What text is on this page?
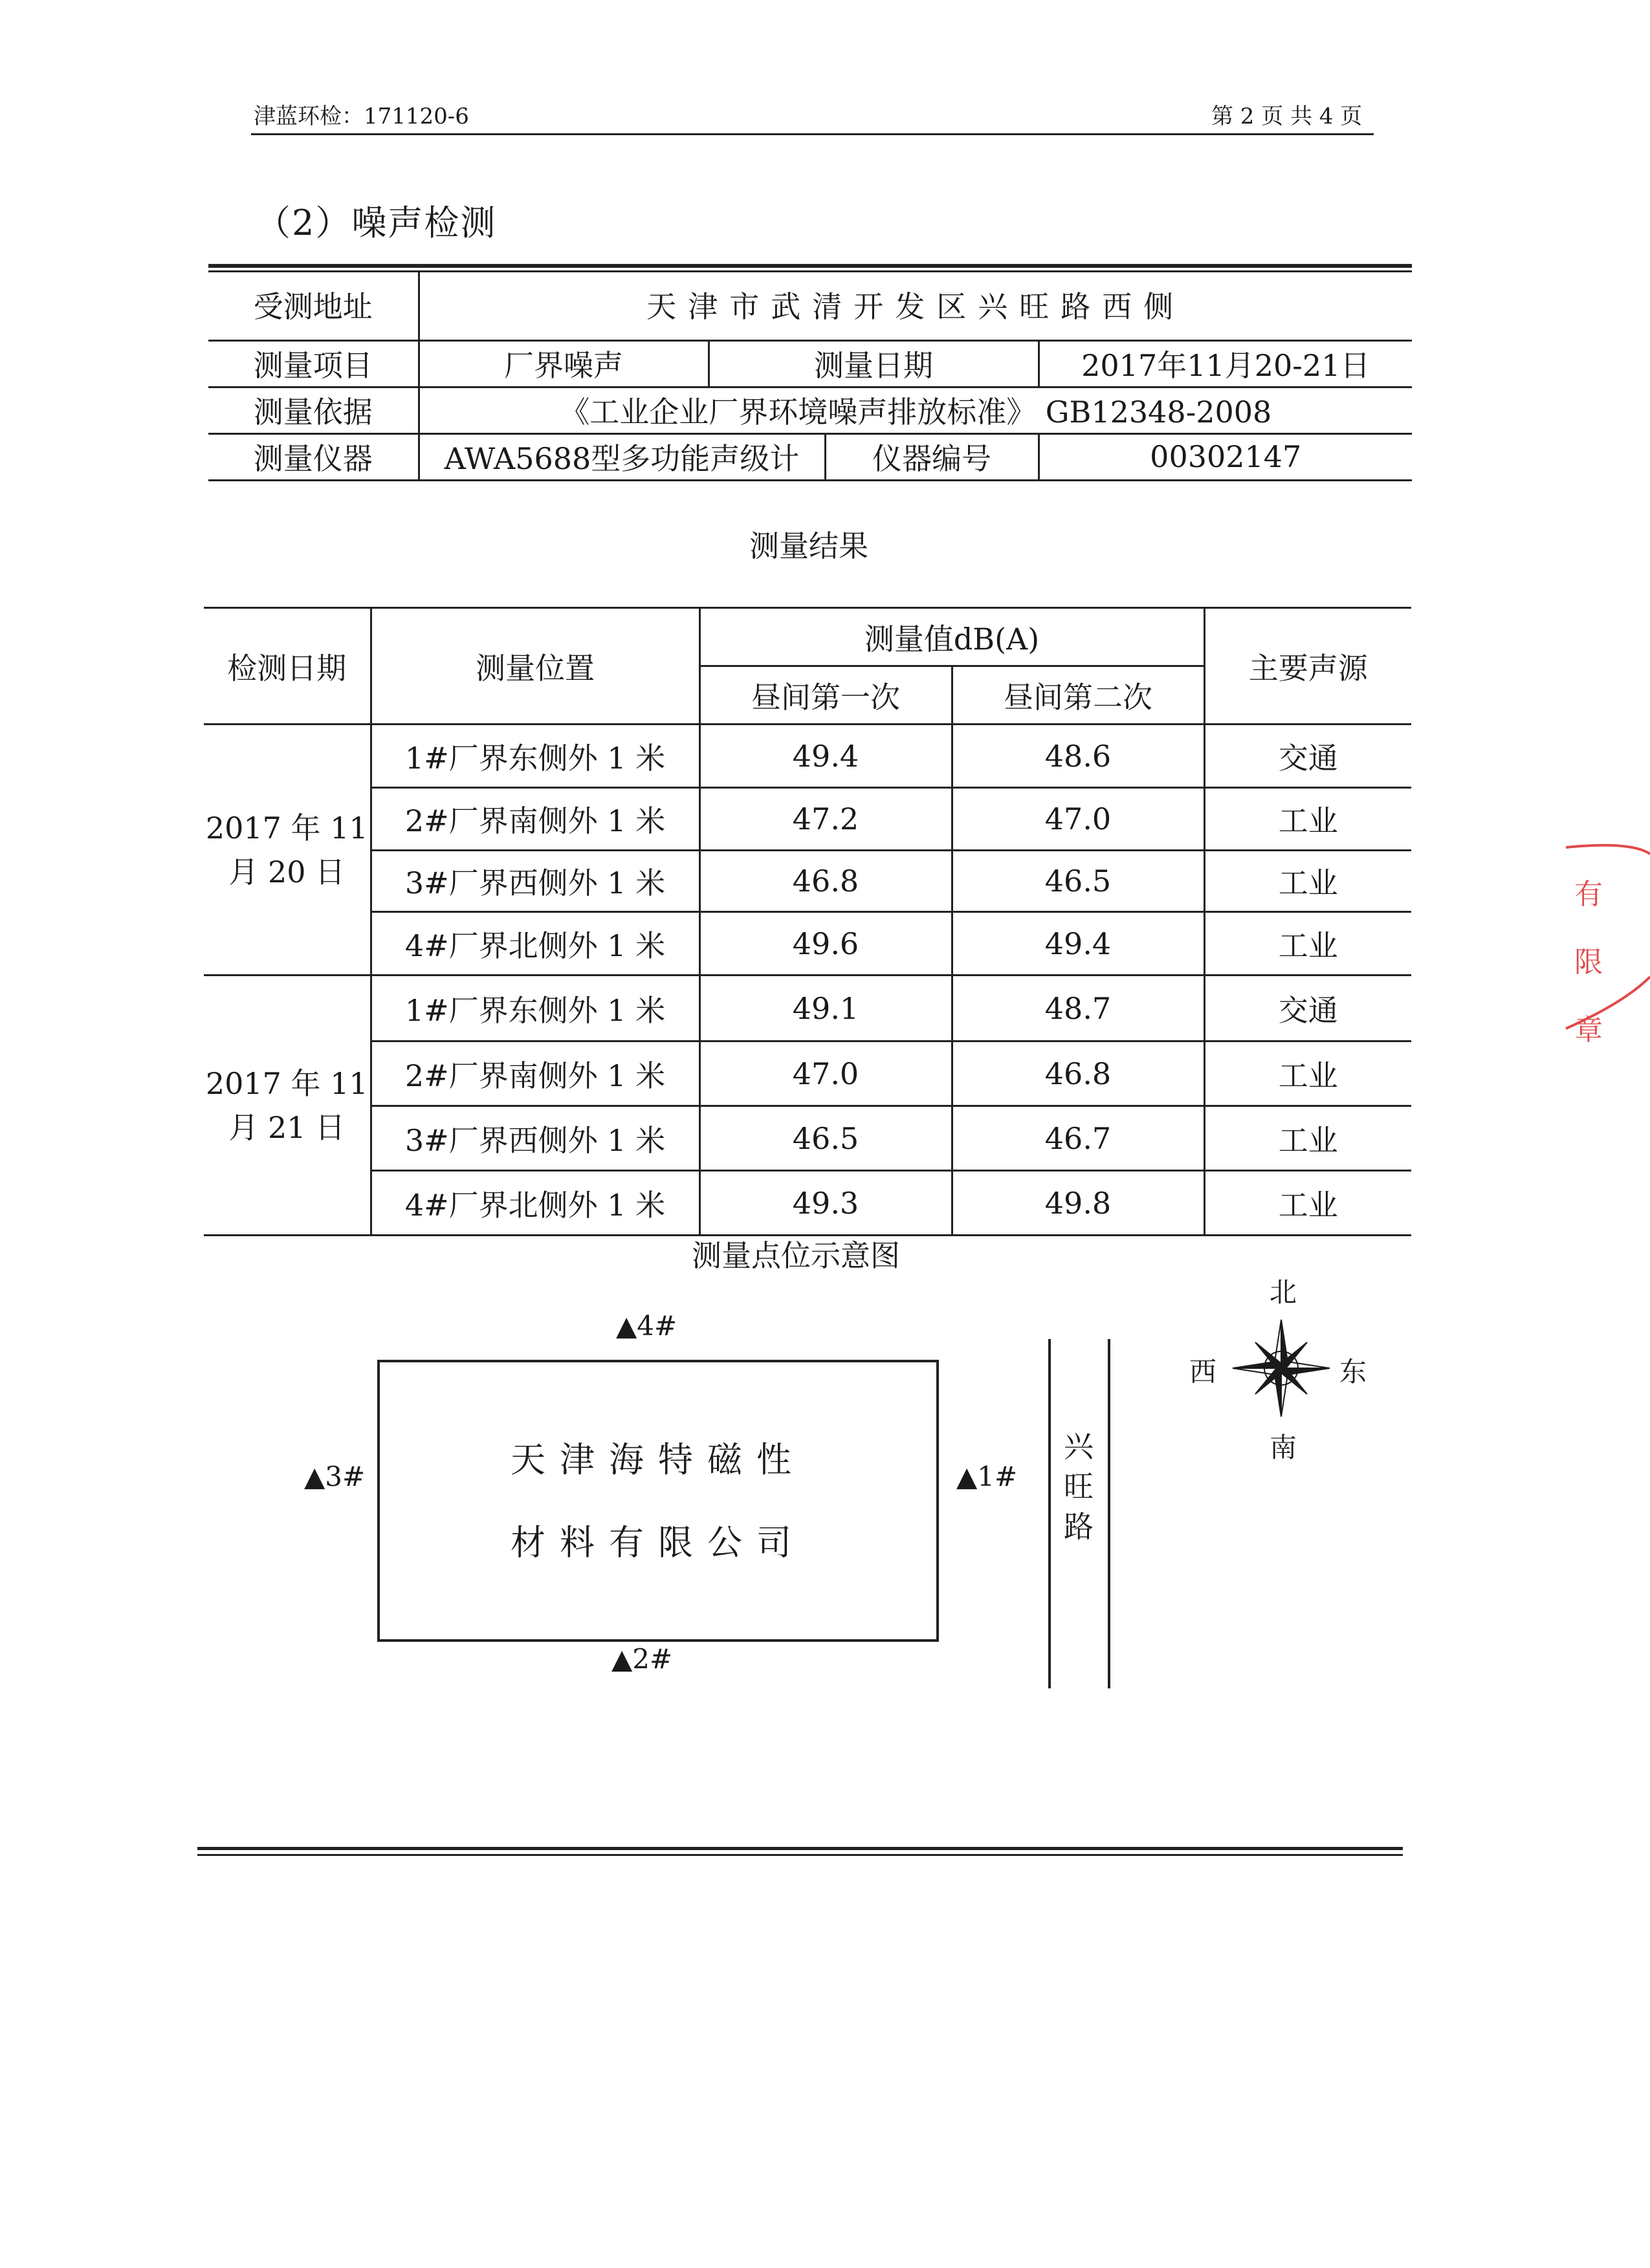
津蓝环检：171120-6	第 2 页 共 4 页
（2）噪声检测
受测地址	天津市武清开发区兴旺路西侧			
测量项目	厂界噪声	测量日期		2017年11月20-21日
测量依据	《工业企业厂界环境噪声排放标准》 GB12348-2008			
测量仪器	AWA5688型多功能声级计		仪器编号	00302147
测量结果
检测日期	测量位置	测量值dB(A)		主要声源
		昼间第一次	昼间第二次	

2017 年 11
月 20 日	1#厂界东侧外 1 米	49.4	48.6	交通
	2#厂界南侧外 1 米	47.2	47.0	工业
	3#厂界西侧外 1 米	46.8	46.5	工业
	4#厂界北侧外 1 米	49.6	49.4	工业

2017 年 11
月 21 日	1#厂界东侧外 1 米	49.1	48.7	交通
	2#厂界南侧外 1 米	47.0	46.8	工业
	3#厂界西侧外 1 米	46.5	46.7	工业
	4#厂界北侧外 1 米	49.3	49.8	工业
测量点位示意图
▲4#
▲3#	▲1#
▲2#
天津海特磁性
材料有限公司
兴旺路
北
西	东
南
有限章
